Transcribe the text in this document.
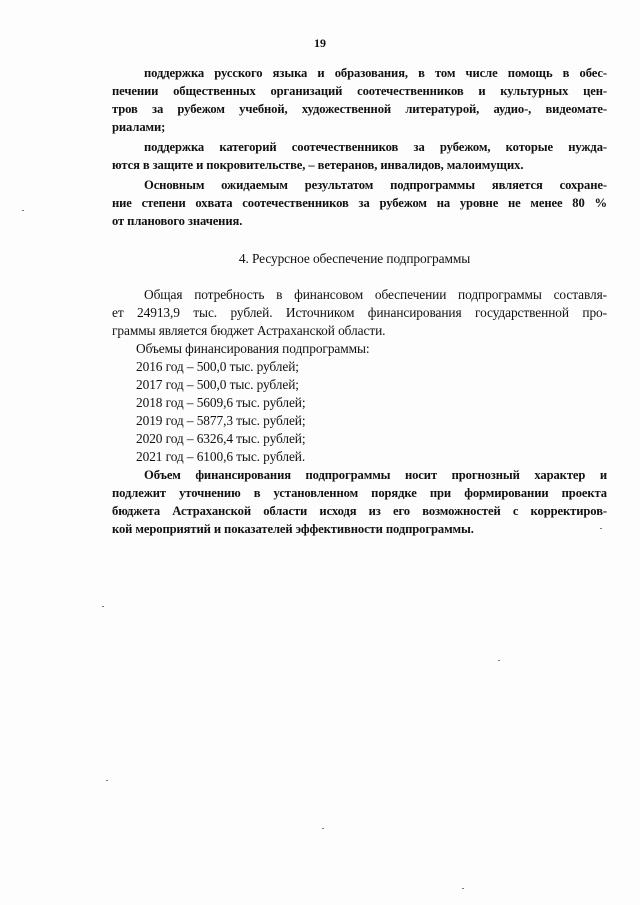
19

поддержка русского языка и образования, в том числе помощь в обес-
печении общественных организаций соотечественников и культурных цен-
тров за рубежом учебной, художественной литературой, аудио-, видеомате-
риалами;

поддержка категорий соотечественников за рубежом, которые нужда-
ются в защите и покровительстве, – ветеранов, инвалидов, малоимущих.

Основным ожидаемым результатом подпрограммы является сохране-
ние степени охвата соотечественников за рубежом на уровне не менее 80 %
от планового значения.

4. Ресурсное обеспечение подпрограммы

Общая потребность в финансовом обеспечении подпрограммы составля-
ет 24913,9 тыс. рублей. Источником финансирования государственной про-
граммы является бюджет Астраханской области.

Объемы финансирования подпрограммы:
2016 год – 500,0 тыс. рублей;
2017 год – 500,0 тыс. рублей;
2018 год – 5609,6 тыс. рублей;
2019 год – 5877,3 тыс. рублей;
2020 год – 6326,4 тыс. рублей;
2021 год – 6100,6 тыс. рублей.

Объем финансирования подпрограммы носит прогнозный характер и
подлежит уточнению в установленном порядке при формировании проекта
бюджета Астраханской области исходя из его возможностей с корректиров-
кой мероприятий и показателей эффективности подпрограммы.
